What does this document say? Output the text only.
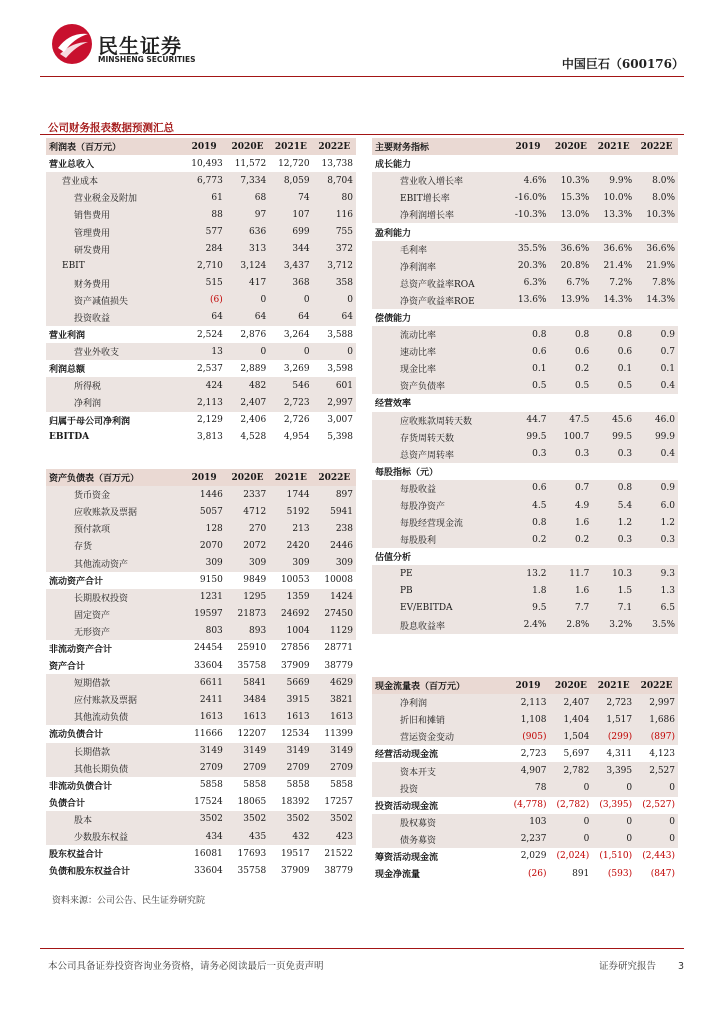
民生证券
MINSHENG SECURITIES	中国巨石（600176）
公司财务报表数据预测汇总
利润表（百万元）	2019	2020E	2021E	2022E
营业总收入	10,493	11,572	12,720	13,738
营业成本	6,773	7,334	8,059	8,704
营业税金及附加	61	68	74	80
销售费用	88	97	107	116
管理费用	577	636	699	755
研发费用	284	313	344	372
EBIT	2,710	3,124	3,437	3,712
财务费用	515	417	368	358
资产减值损失	(6)	0	0	0
投资收益	64	64	64	64
营业利润	2,524	2,876	3,264	3,588
营业外收支	13	0	0	0
利润总额	2,537	2,889	3,269	3,598
所得税	424	482	546	601
净利润	2,113	2,407	2,723	2,997
归属于母公司净利润	2,129	2,406	2,726	3,007
EBITDA	3,813	4,528	4,954	5,398
资产负债表（百万元）	2019	2020E	2021E	2022E
货币资金	1446	2337	1744	897
应收账款及票据	5057	4712	5192	5941
预付款项	128	270	213	238
存货	2070	2072	2420	2446
其他流动资产	309	309	309	309
流动资产合计	9150	9849	10053	10008
长期股权投资	1231	1295	1359	1424
固定资产	19597	21873	24692	27450
无形资产	803	893	1004	1129
非流动资产合计	24454	25910	27856	28771
资产合计	33604	35758	37909	38779
短期借款	6611	5841	5669	4629
应付账款及票据	2411	3484	3915	3821
其他流动负债	1613	1613	1613	1613
流动负债合计	11666	12207	12534	11399
长期借款	3149	3149	3149	3149
其他长期负债	2709	2709	2709	2709
非流动负债合计	5858	5858	5858	5858
负债合计	17524	18065	18392	17257
股本	3502	3502	3502	3502
少数股东权益	434	435	432	423
股东权益合计	16081	17693	19517	21522
负债和股东权益合计	33604	35758	37909	38779
主要财务指标	2019	2020E	2021E	2022E
成长能力				
营业收入增长率	4.6%	10.3%	9.9%	8.0%
EBIT增长率	-16.0%	15.3%	10.0%	8.0%
净利润增长率	-10.3%	13.0%	13.3%	10.3%
盈利能力				
毛利率	35.5%	36.6%	36.6%	36.6%
净利润率	20.3%	20.8%	21.4%	21.9%
总资产收益率ROA	6.3%	6.7%	7.2%	7.8%
净资产收益率ROE	13.6%	13.9%	14.3%	14.3%
偿债能力				
流动比率	0.8	0.8	0.8	0.9
速动比率	0.6	0.6	0.6	0.7
现金比率	0.1	0.2	0.1	0.1
资产负债率	0.5	0.5	0.5	0.4
经营效率				
应收账款周转天数	44.7	47.5	45.6	46.0
存货周转天数	99.5	100.7	99.5	99.9
总资产周转率	0.3	0.3	0.3	0.4
每股指标（元）				
每股收益	0.6	0.7	0.8	0.9
每股净资产	4.5	4.9	5.4	6.0
每股经营现金流	0.8	1.6	1.2	1.2
每股股利	0.2	0.2	0.3	0.3
估值分析				
PE	13.2	11.7	10.3	9.3
PB	1.8	1.6	1.5	1.3
EV/EBITDA	9.5	7.7	7.1	6.5
股息收益率	2.4%	2.8%	3.2%	3.5%

现金流量表（百万元）	2019	2020E	2021E	2022E
净利润	2,113	2,407	2,723	2,997
折旧和摊销	1,108	1,404	1,517	1,686
营运资金变动	(905)	1,504	(299)	(897)
经营活动现金流	2,723	5,697	4,311	4,123
资本开支	4,907	2,782	3,395	2,527
投资	78	0	0	0
投资活动现金流	(4,778)	(2,782)	(3,395)	(2,527)
股权募资	103	0	0	0
债务募资	2,237	0	0	0
筹资活动现金流	2,029	(2,024)	(1,510)	(2,443)
现金净流量	(26)	891	(593)	(847)
资料来源：公司公告、民生证券研究院
本公司具备证券投资咨询业务资格，请务必阅读最后一页免责声明	证券研究报告 3
